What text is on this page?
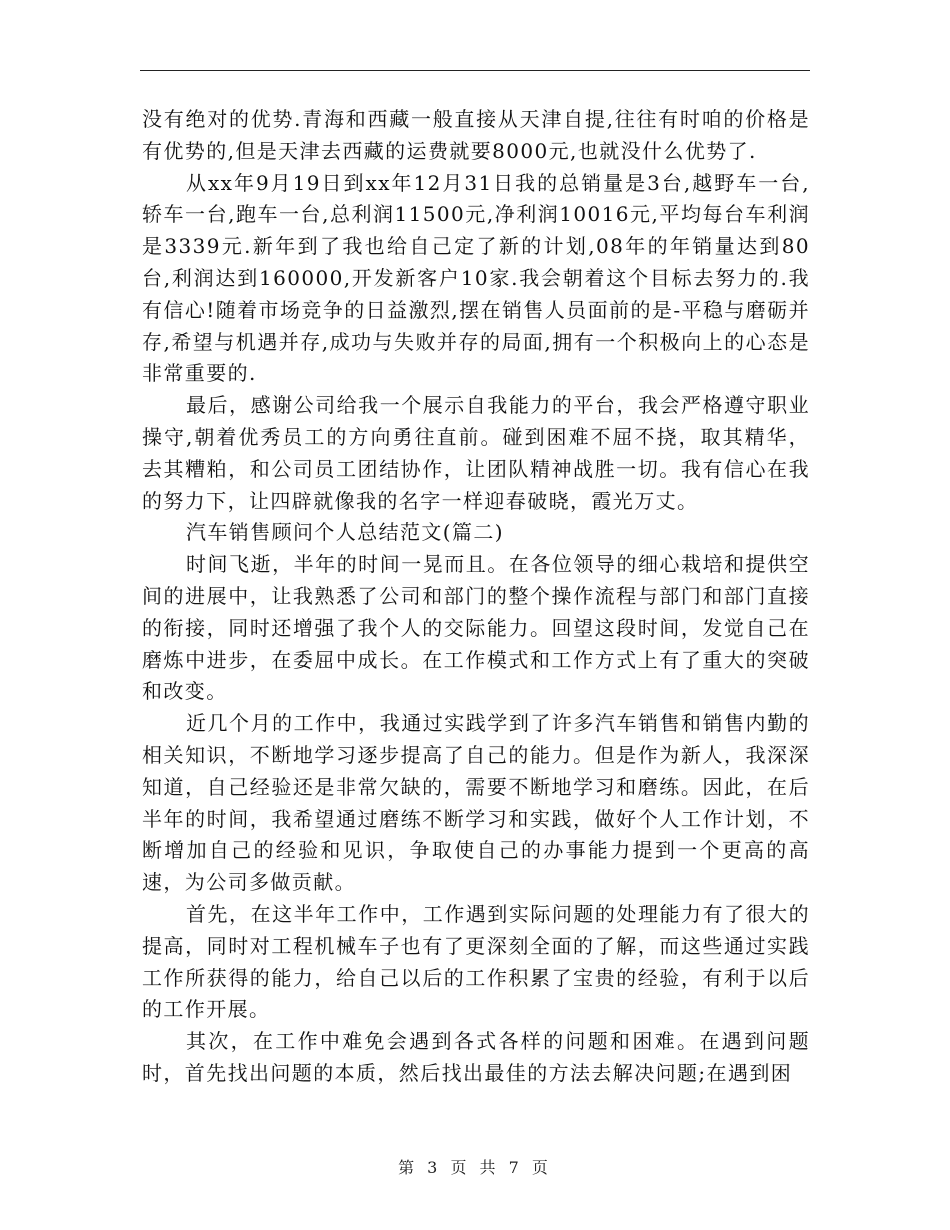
没有绝对的优势.青海和西藏一般直接从天津自提,往往有时咱的价格是有优势的,但是天津去西藏的运费就要8000元,也就没什么优势了.

从xx年9月19日到xx年12月31日我的总销量是3台,越野车一台,轿车一台,跑车一台,总利润11500元,净利润10016元,平均每台车利润是3339元.新年到了我也给自己定了新的计划,08年的年销量达到80台,利润达到160000,开发新客户10家.我会朝着这个目标去努力的.我有信心!随着市场竞争的日益激烈,摆在销售人员面前的是-平稳与磨砺并存,希望与机遇并存,成功与失败并存的局面,拥有一个积极向上的心态是非常重要的.

最后，感谢公司给我一个展示自我能力的平台，我会严格遵守职业操守,朝着优秀员工的方向勇往直前。碰到困难不屈不挠，取其精华，去其糟粕，和公司员工团结协作，让团队精神战胜一切。我有信心在我的努力下，让四辟就像我的名字一样迎春破晓，霞光万丈。

汽车销售顾问个人总结范文(篇二)

时间飞逝，半年的时间一晃而且。在各位领导的细心栽培和提供空间的进展中，让我熟悉了公司和部门的整个操作流程与部门和部门直接的衔接，同时还增强了我个人的交际能力。回望这段时间，发觉自己在磨炼中进步，在委屈中成长。在工作模式和工作方式上有了重大的突破和改变。

近几个月的工作中，我通过实践学到了许多汽车销售和销售内勤的相关知识，不断地学习逐步提高了自己的能力。但是作为新人，我深深知道，自己经验还是非常欠缺的，需要不断地学习和磨练。因此，在后半年的时间，我希望通过磨练不断学习和实践，做好个人工作计划，不断增加自己的经验和见识，争取使自己的办事能力提到一个更高的高速，为公司多做贡献。

首先，在这半年工作中，工作遇到实际问题的处理能力有了很大的提高，同时对工程机械车子也有了更深刻全面的了解，而这些通过实践工作所获得的能力，给自己以后的工作积累了宝贵的经验，有利于以后的工作开展。

其次，在工作中难免会遇到各式各样的问题和困难。在遇到问题时，首先找出问题的本质，然后找出最佳的方法去解决问题;在遇到困

第 3 页 共 7 页
